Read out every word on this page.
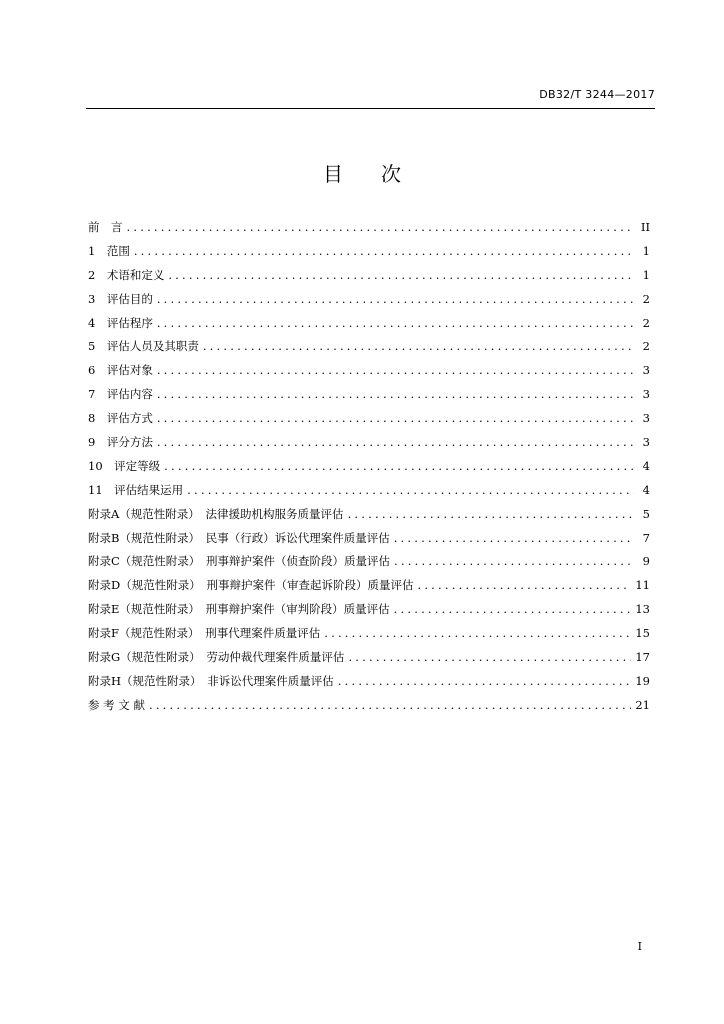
DB32/T 3244—2017
目次
前　言 .....	II
1　范围 .....	1
2　术语和定义 .....	1
3　评估目的 .....	2
4　评估程序 .....	2
5　评估人员及其职责 .....	2
6　评估对象 .....	3
7　评估内容 .....	3
8　评估方式 .....	3
9　评分方法 .....	3
10　评定等级 .....	4
11　评估结果运用 .....	4
附录A（规范性附录）　法律援助机构服务质量评估 .....	5
附录B（规范性附录）　民事（行政）诉讼代理案件质量评估 .....	7
附录C（规范性附录）　刑事辩护案件（侦查阶段）质量评估 .....	9
附录D（规范性附录）　刑事辩护案件（审查起诉阶段）质量评估 .....	11
附录E（规范性附录）　刑事辩护案件（审判阶段）质量评估 .....	13
附录F（规范性附录）　刑事代理案件质量评估 .....	15
附录G（规范性附录）　劳动仲裁代理案件质量评估 .....	17
附录H（规范性附录）　非诉讼代理案件质量评估 .....	19
参 考 文 献 .....	21
I
